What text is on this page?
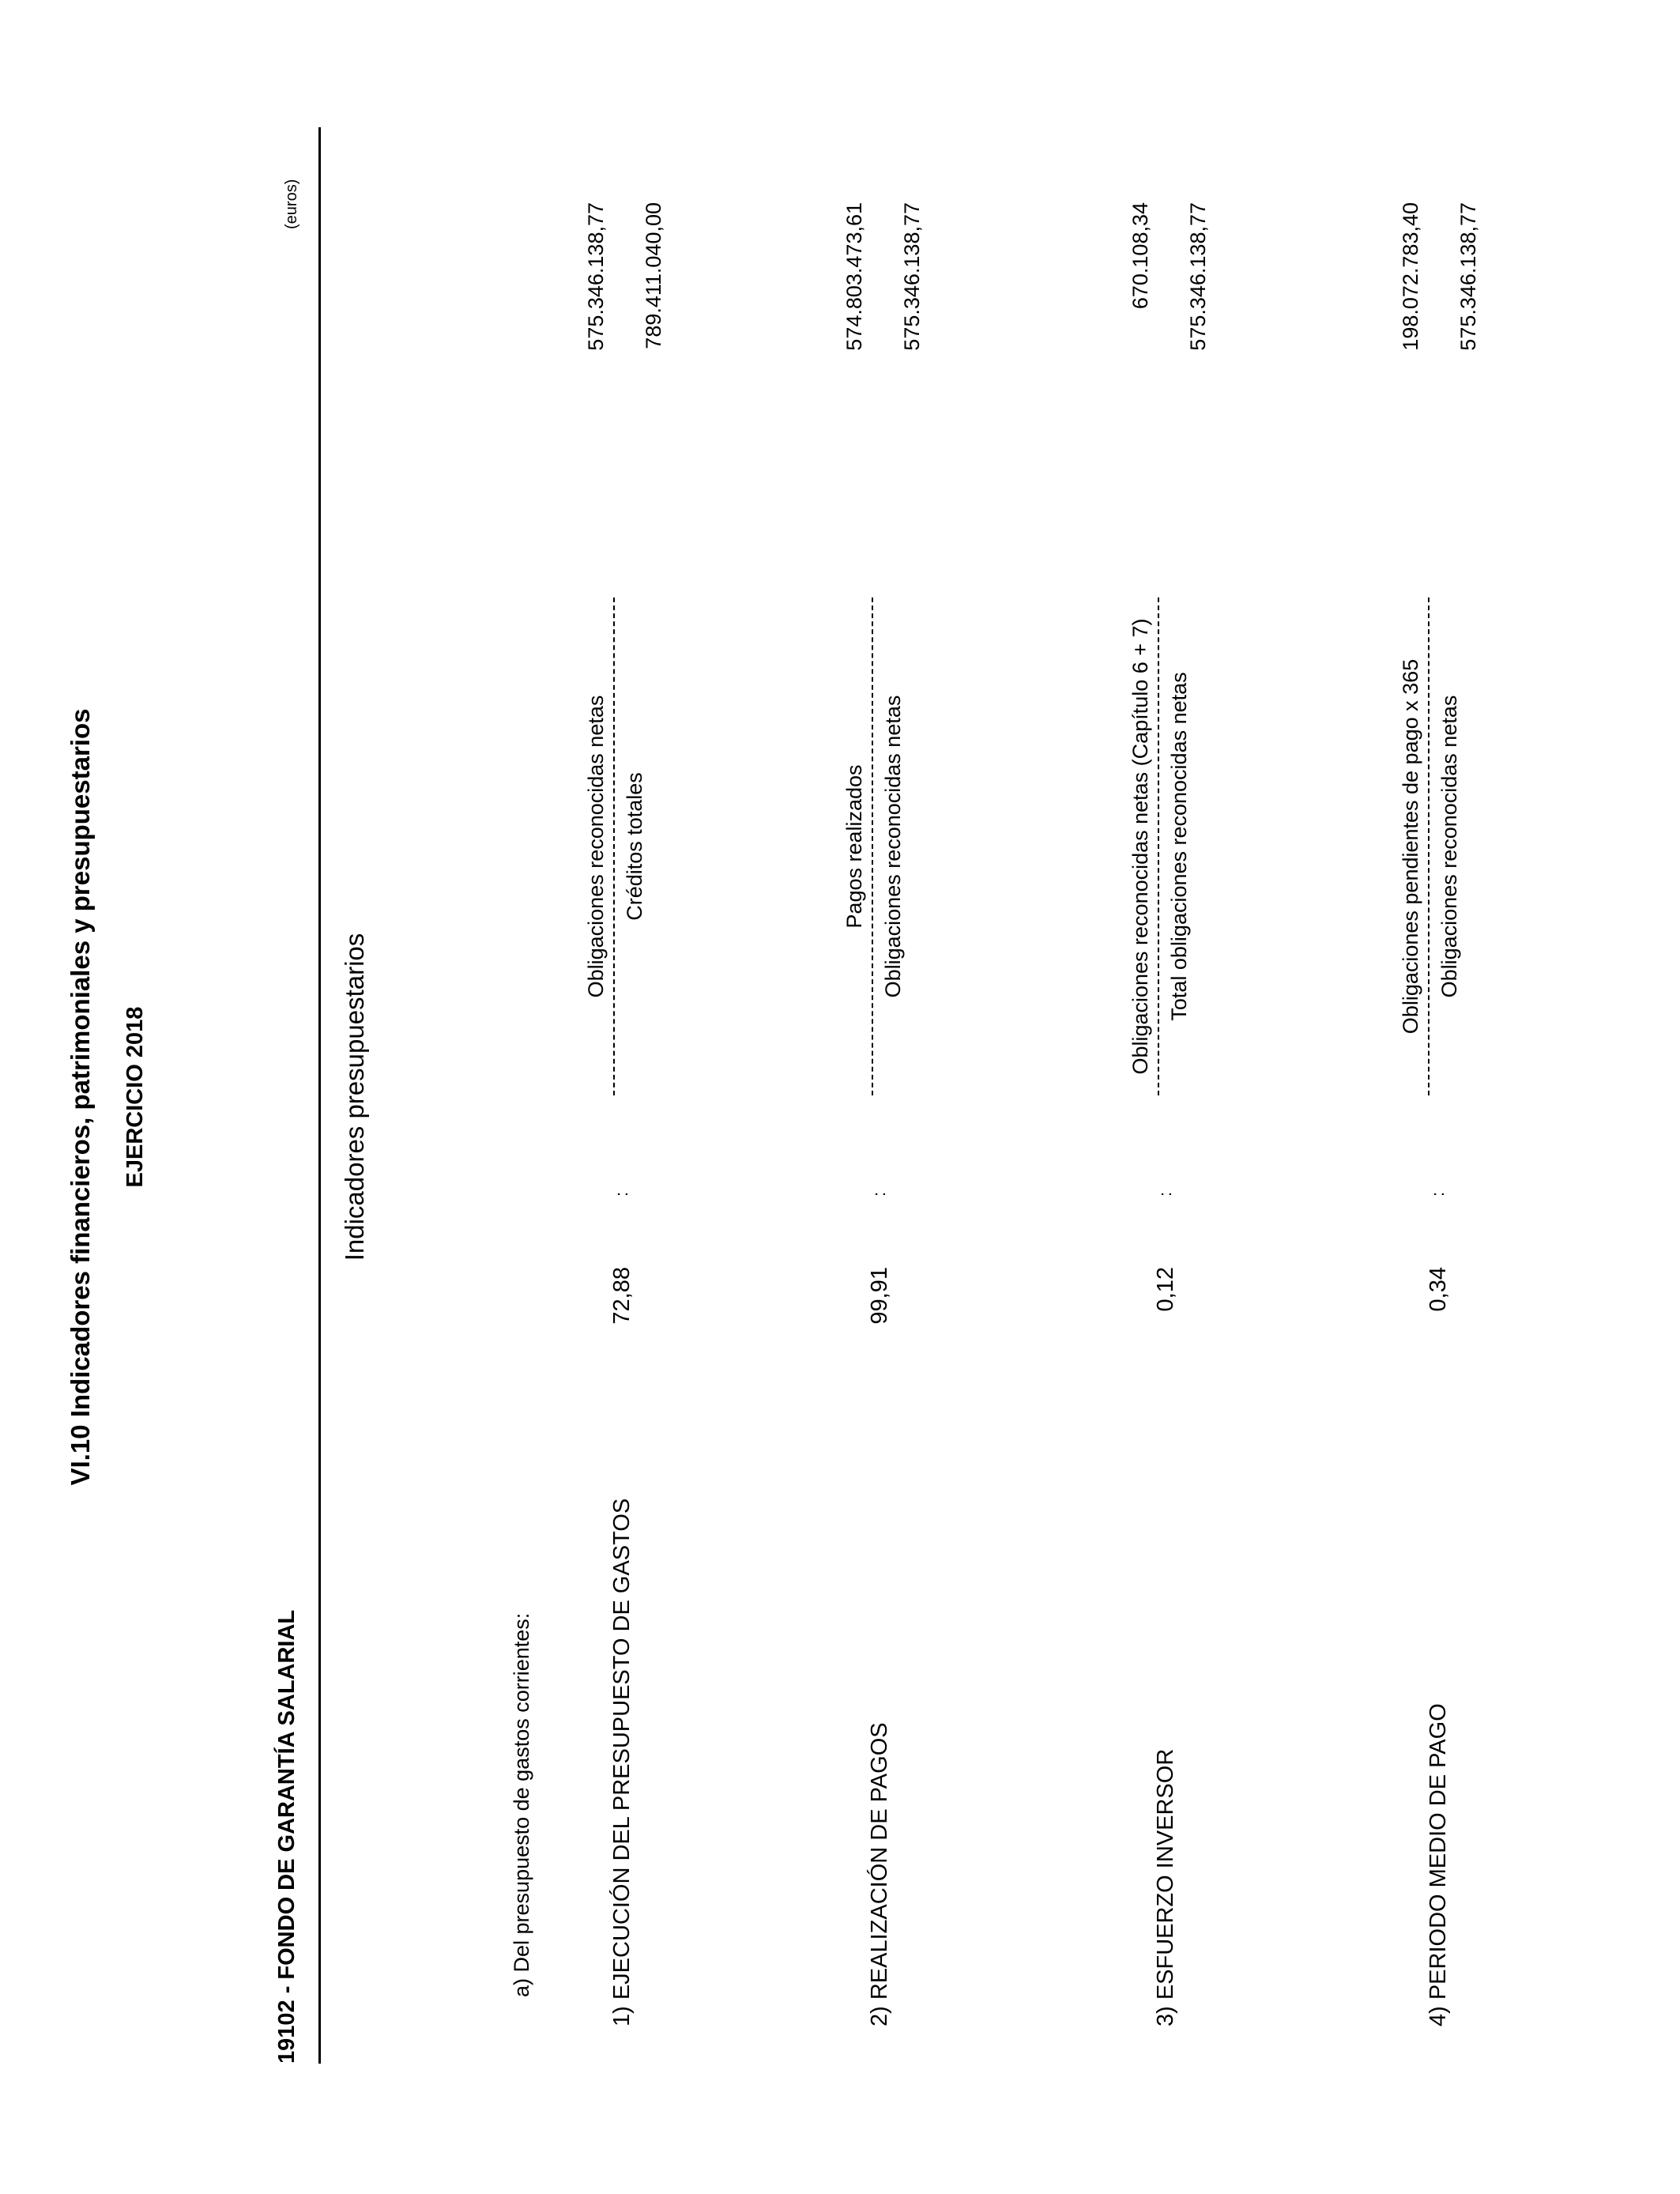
VI.10 Indicadores financieros, patrimoniales y presupuestarios EJERCICIO 2018
19102 - FONDO DE GARANTÍA SALARIAL
(euros)
Indicadores presupuestarios
a) Del presupuesto de gastos corrientes:	1) EJECUCIÓN DEL PRESUPUESTO DE GASTOS
72,88
:
Obligaciones reconocidas netas Créditos totales
575.346.138,77 789.411.040,00
2) REALIZACIÓN DE PAGOS
99,91
:
Pagos realizados Obligaciones reconocidas netas
574.803.473,61 575.346.138,77
3) ESFUERZO INVERSOR
0,12
:
Obligaciones reconocidas netas (Capítulo 6 + 7) Total obligaciones reconocidas netas
670.108,34 575.346.138,77
4) PERIODO MEDIO DE PAGO
0,34
:
Obligaciones pendientes de pago x 365 Obligaciones reconocidas netas
198.072.783,40 575.346.138,77
